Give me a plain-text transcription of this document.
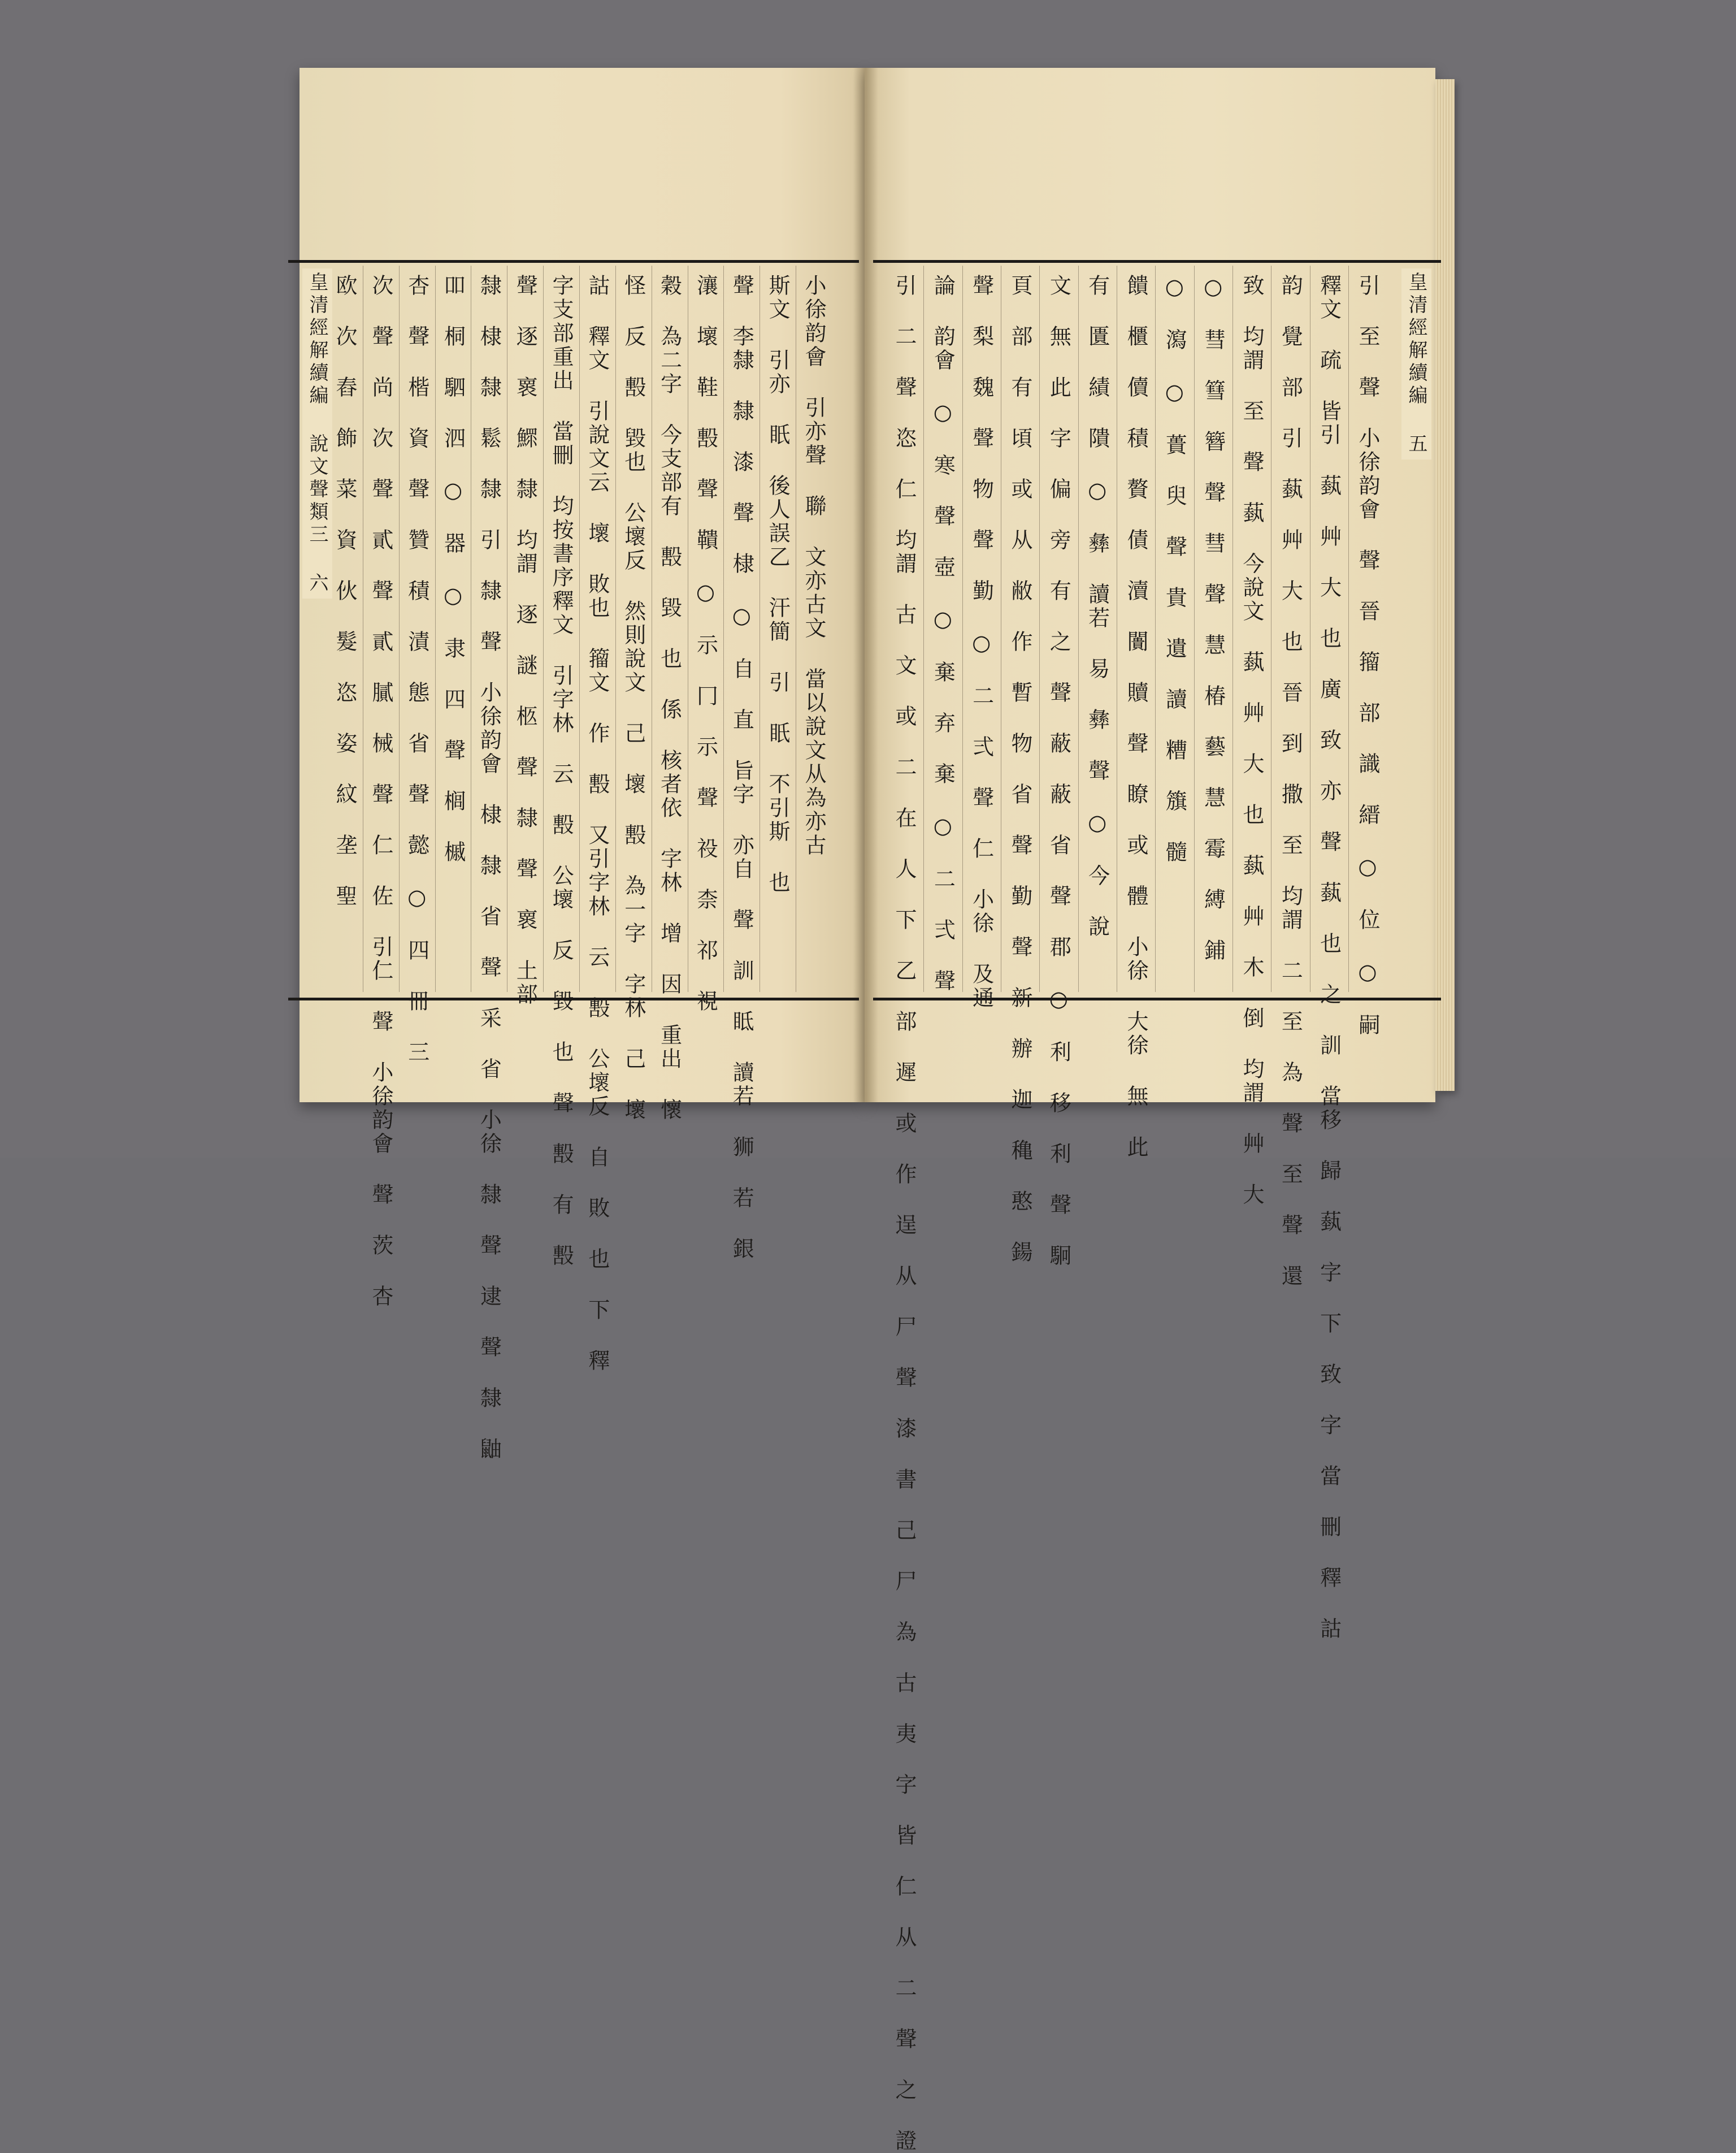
皇清經解續編 說文聲類三 六	皇清經解續編 五
小徐韵會 引亦聲 聯 文亦古文 當以說文从為亦古
斯文 引亦 眂 後人誤乙 汗簡 引 眂 不引斯 也
聲 李隸 隸 漆 聲 棣 ○ 自 直 旨字 亦自 聲 訓 眡 讀若 狮 若 銀
瀼 壞 鞋 毄 聲 鞼 ○ 示 冂 示 聲 祋 柰 祁 視
穀 為二字 今支部有 毄 毀 也 係 核者依 字林 增 因 重出 懷
怪 反 毄 毀也 公壞反 然則說文 己 壞 毄 為一字 字林 己 壞
詁 釋文 引說文云 壞 敗也 籀文 作 毄 又引字林 云 毄 公壞反 自 敗 也 下 釋
字支部重出 當刪 均按書序釋文 引字林 云 毄 公壞 反 毀 也 聲 毄 有 毄
聲 逐 褱 鰥 隸 均謂 逐 謎 柩 聲 隸 聲 褱 土部
隸 棣 隸 鬆 隸 引 隸 聲 小徐韵會 棣 隸 省 聲 采 省 小徐 隸 聲 逮 聲 隸 鼬
吅 桐 駟 泗 ○ 器 ○ 隶 四 聲 榈 槭
杏 聲 楷 資 聲 贊 積 漬 態 省 聲 懿 ○ 四 冊 三
次 聲 尚 次 聲 貳 聲 貳 膩 械 聲 仁 佐 引仁 聲 小徐韵會 聲 茨 杏
欧 次 舂 飾 菜 資 伙 髮 恣 姿 紋 垄 聖	引 至 聲 小徐韵會 聲 晉 籀 部 識 縉 ○ 位 ○ 嗣
釋文 疏 皆引 蓺 艸 大 也 廣 致 亦 聲 蓺 也 之 訓 當移 歸 蓺 字 下 致 字 當 刪 釋 詁
韵 覺 部 引 蓺 艸 大 也 晉 到 撒 至 均謂 二 至 為 聲 至 聲 還
致 均謂 至 聲 蓺 今說文 蓺 艸 大 也 蓺 艸 木 倒 均謂 艸 大
○ 彗 篲 簪 聲 彗 聲 慧 椿 藝 慧 霉 縛 鋪
○ 瀉 ○ 蕢 臾 聲 貴 遺 讀 糟 籏 髓
饋 櫃 儥 積 贅 債 瀆 闠 贖 聲 瞭 或 體 小徐 大徐 無 此
有 匱 績 隤 ○ 彝 讀若 易 彝 聲 ○ 今 說
文 無 此 字 偏 旁 有 之 聲 蔽 蔽 省 聲 郡 ○ 利 移 利 聲 駉
頁 部 有 頃 或 从 敝 作 暫 物 省 聲 勤 聲 新 辦 迦 穐 憨 鍚
聲 梨 魏 聲 物 聲 勤 ○ 二 弍 聲 仁 小徐 及通
論 韵會 ○ 寒 聲 壺 ○ 棄 弃 棄 ○ 二 弍 聲
引 二 聲 恣 仁 均謂 古 文 或 二 在 人 下 乙 部 遲 或 作 逞 从 尸 聲 漆 書 己 尸 為 古 夷 字 皆 仁 从 二 聲 之 證
